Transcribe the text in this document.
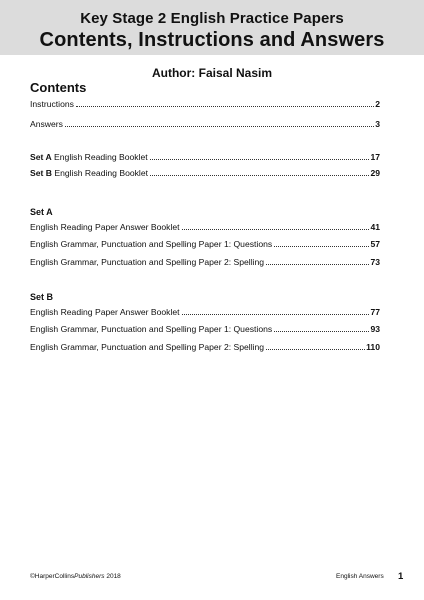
Key Stage 2 English Practice Papers
Contents, Instructions and Answers
Author: Faisal Nasim
Contents
Instructions	2
Answers	3
Set A English Reading Booklet	17
Set B English Reading Booklet	29
Set A
English Reading Paper Answer Booklet	41
English Grammar, Punctuation and Spelling Paper 1: Questions	57
English Grammar, Punctuation and Spelling Paper 2: Spelling	73
Set B
English Reading Paper Answer Booklet	77
English Grammar, Punctuation and Spelling Paper 1: Questions	93
English Grammar, Punctuation and Spelling Paper 2: Spelling	110
©HarperCollinsPublishers 2018	English Answers 1
